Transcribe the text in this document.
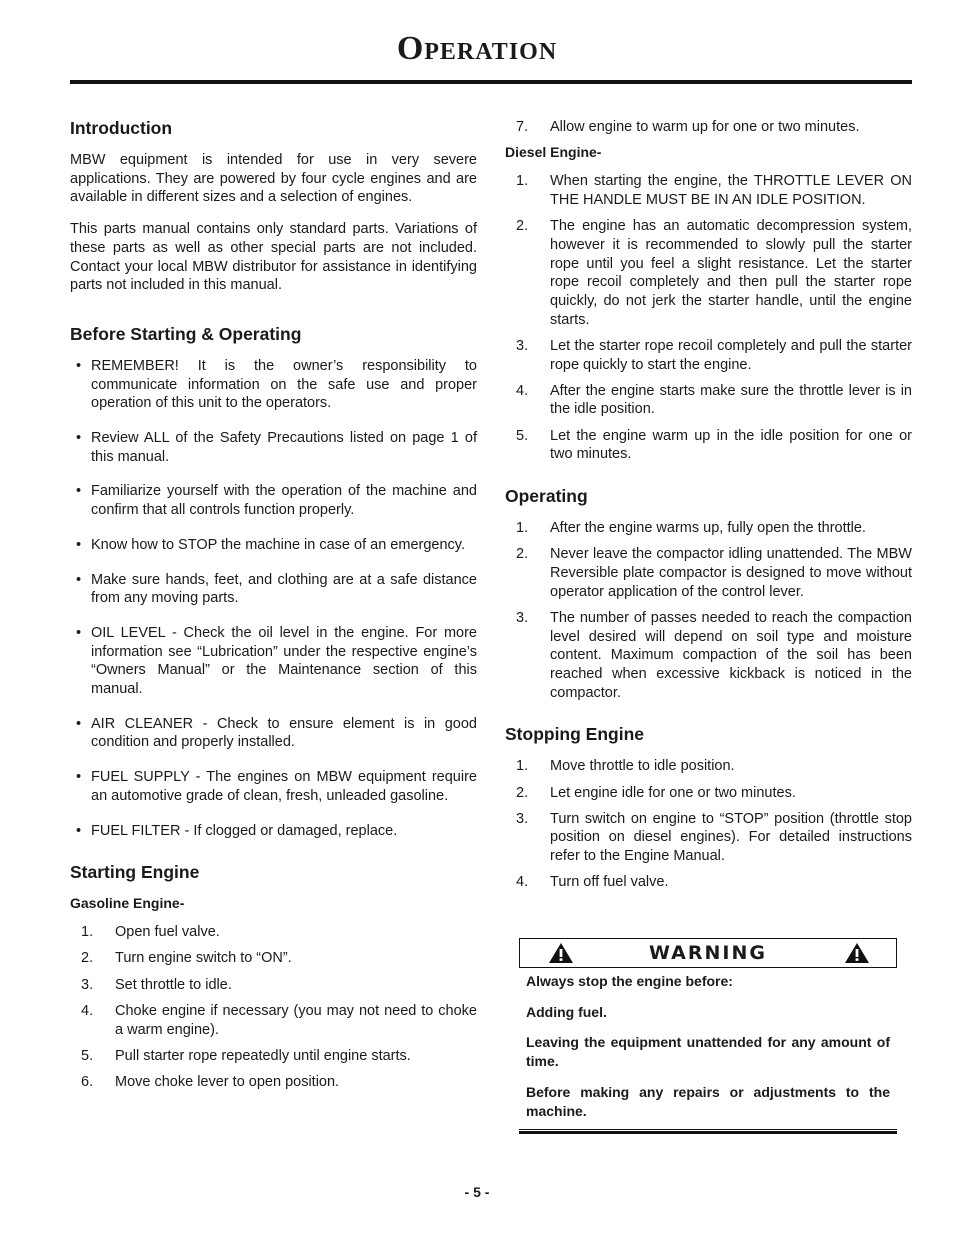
Operation
Introduction

MBW equipment is intended for use in very severe applications. They are powered by four cycle engines and are available in different sizes and a selection of engines.

This parts manual contains only standard parts. Variations of these parts as well as other special parts are not included. Contact your local MBW distributor for assistance in identifying parts not included in this manual.

Before Starting & Operating
• REMEMBER! It is the owner’s responsibility to communicate information on the safe use and proper operation of this unit to the operators.
• Review ALL of the Safety Precautions listed on page 1 of this manual.
• Familiarize yourself with the operation of the machine and confirm that all controls function properly.
• Know how to STOP the machine in case of an emergency.
• Make sure hands, feet, and clothing are at a safe distance from any moving parts.
• OIL LEVEL - Check the oil level in the engine. For more information see “Lubrication” under the respective engine’s “Owners Manual” or the Maintenance section of this manual.
• AIR CLEANER - Check to ensure element is in good condition and properly installed.
• FUEL SUPPLY - The engines on MBW equipment require an automotive grade of clean, fresh, unleaded gasoline.
• FUEL FILTER - If clogged or damaged, replace.
Starting Engine
Gasoline Engine-
1. Open fuel valve.
2. Turn engine switch to “ON”.
3. Set throttle to idle.
4. Choke engine if necessary (you may not need to choke a warm engine).
5. Pull starter rope repeatedly until engine starts.
6. Move choke lever to open position.
7. Allow engine to warm up for one or two minutes.
Diesel Engine-
1. When starting the engine, the THROTTLE LEVER ON THE HANDLE MUST BE IN AN IDLE POSITION.
2. The engine has an automatic decompression system, however it is recommended to slowly pull the starter rope until you feel a slight resistance. Let the starter rope recoil completely and then pull the starter rope quickly, do not jerk the starter handle, until the engine starts.
3. Let the starter rope recoil completely and pull the starter rope quickly to start the engine.
4. After the engine starts make sure the throttle lever is in the idle position.
5. Let the engine warm up in the idle position for one or two minutes.
Operating
1. After the engine warms up, fully open the throttle.
2. Never leave the compactor idling unattended. The MBW Reversible plate compactor is designed to move without operator application of the control lever.
3. The number of passes needed to reach the compaction level desired will depend on soil type and moisture content. Maximum compaction of the soil has been reached when excessive kickback is noticed in the compactor.
Stopping Engine
1. Move throttle to idle position.
2. Let engine idle for one or two minutes.
3. Turn switch on engine to “STOP” position (throttle stop position on diesel engines). For detailed instructions refer to the Engine Manual.
4. Turn off fuel valve.
WARNING

Always stop the engine before:

Adding fuel.

Leaving the equipment unattended for any amount of time.

Before making any repairs or adjustments to the machine.

- 5 -
